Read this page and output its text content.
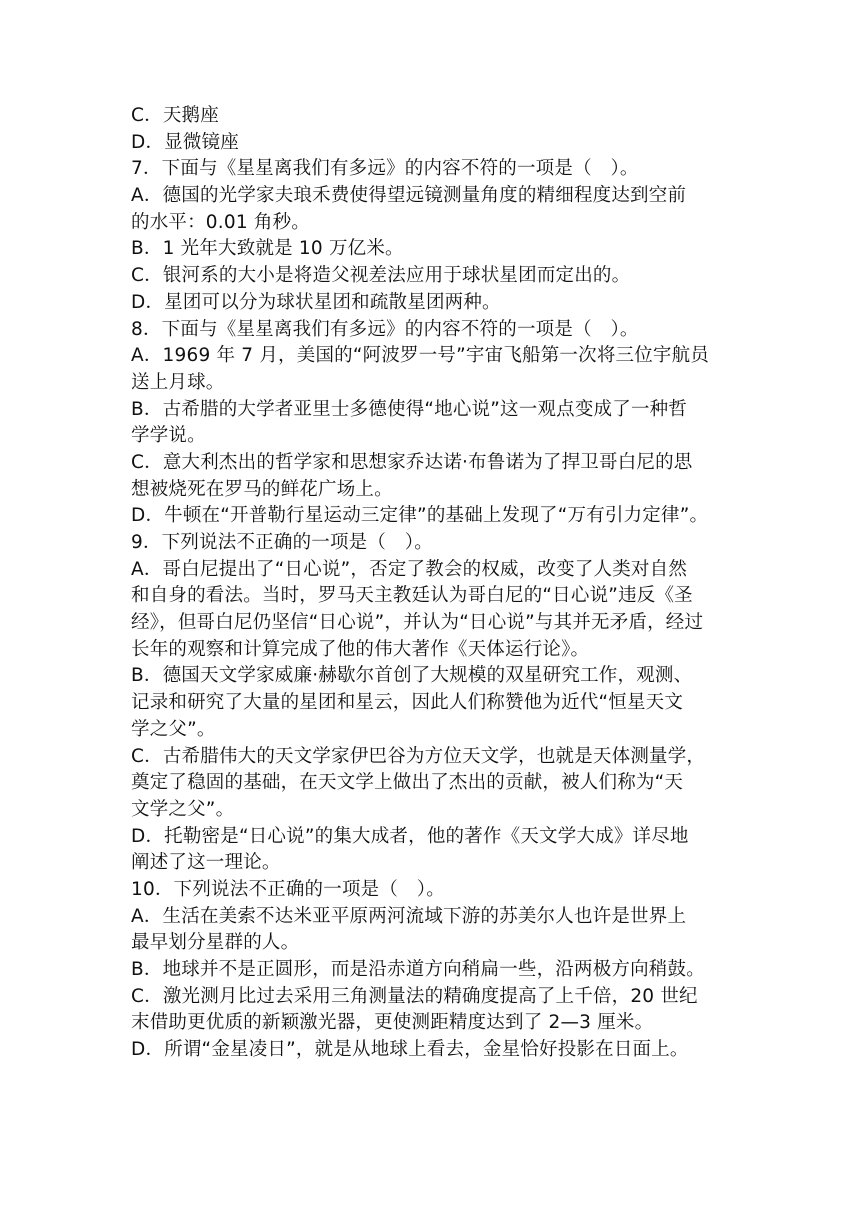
C．天鹅座
D．显微镜座
7．下面与《星星离我们有多远》的内容不符的一项是（　）。
A．德国的光学家夫琅禾费使得望远镜测量角度的精细程度达到空前
的水平：0.01 角秒。
B．1 光年大致就是 10 万亿米。
C．银河系的大小是将造父视差法应用于球状星团而定出的。
D．星团可以分为球状星团和疏散星团两种。
8．下面与《星星离我们有多远》的内容不符的一项是（　）。
A．1969 年 7 月，美国的“阿波罗一号”宇宙飞船第一次将三位宇航员
送上月球。
B．古希腊的大学者亚里士多德使得“地心说”这一观点变成了一种哲
学学说。
C．意大利杰出的哲学家和思想家乔达诺·布鲁诺为了捍卫哥白尼的思
想被烧死在罗马的鲜花广场上。
D．牛顿在“开普勒行星运动三定律”的基础上发现了“万有引力定律”。
9．下列说法不正确的一项是（　）。
A．哥白尼提出了“日心说”，否定了教会的权威，改变了人类对自然
和自身的看法。当时，罗马天主教廷认为哥白尼的“日心说”违反《圣
经》，但哥白尼仍坚信“日心说”，并认为“日心说”与其并无矛盾，经过
长年的观察和计算完成了他的伟大著作《天体运行论》。
B．德国天文学家威廉·赫歇尔首创了大规模的双星研究工作，观测、
记录和研究了大量的星团和星云，因此人们称赞他为近代“恒星天文
学之父”。
C．古希腊伟大的天文学家伊巴谷为方位天文学，也就是天体测量学，
奠定了稳固的基础，在天文学上做出了杰出的贡献，被人们称为“天
文学之父”。
D．托勒密是“日心说”的集大成者，他的著作《天文学大成》详尽地
阐述了这一理论。
10．下列说法不正确的一项是（　）。
A．生活在美索不达米亚平原两河流域下游的苏美尔人也许是世界上
最早划分星群的人。
B．地球并不是正圆形，而是沿赤道方向稍扁一些，沿两极方向稍鼓。
C．激光测月比过去采用三角测量法的精确度提高了上千倍，20 世纪
末借助更优质的新颖激光器，更使测距精度达到了 2—3 厘米。
D．所谓“金星凌日”，就是从地球上看去，金星恰好投影在日面上。
